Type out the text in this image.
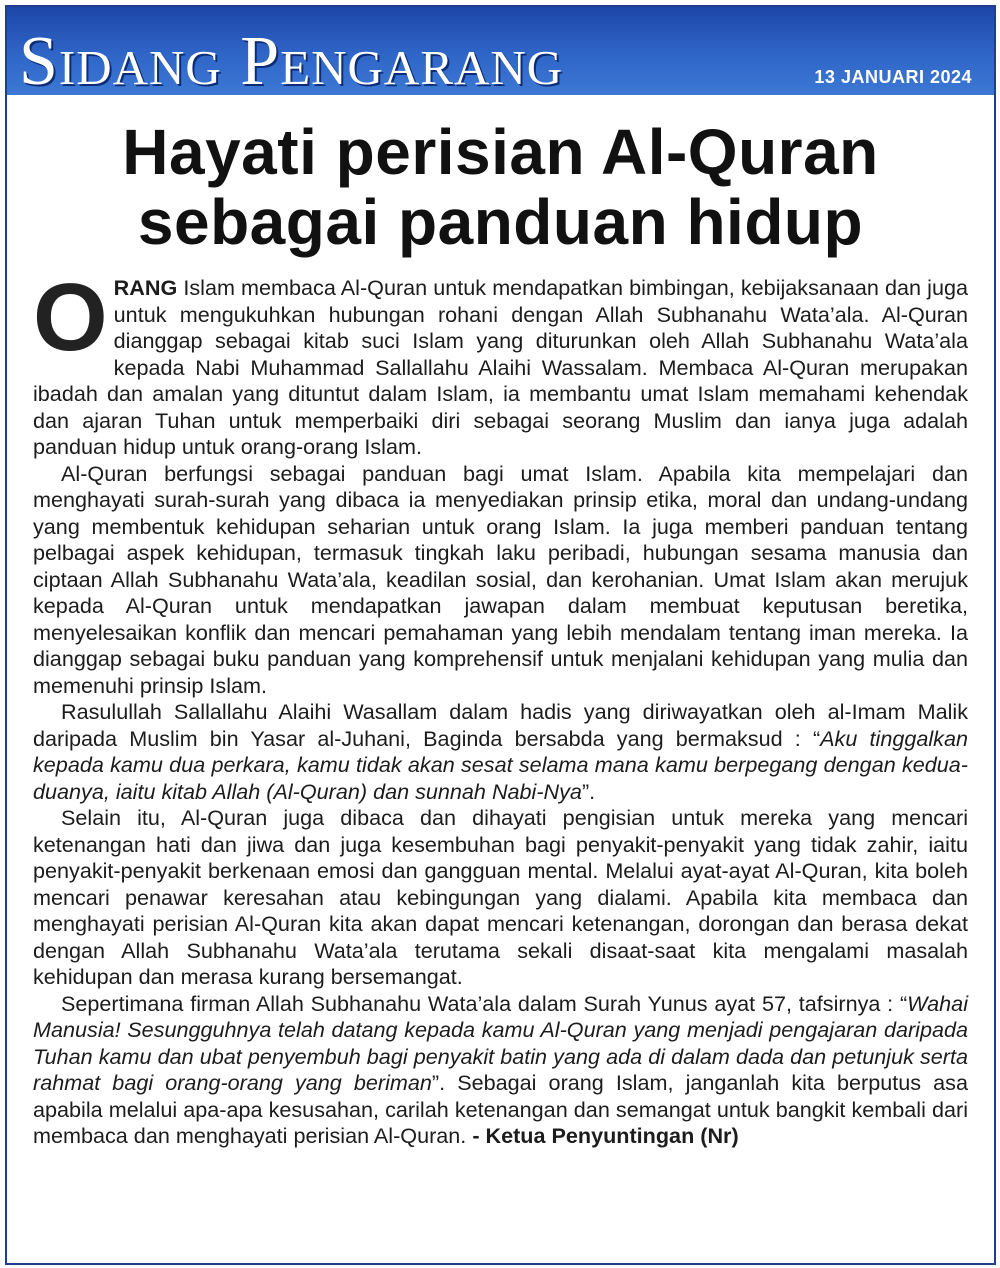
Sidang Pengarang	13 JANUARI 2024
Hayati perisian Al-Quran
sebagai panduan hidup

ORANG Islam membaca Al-Quran untuk mendapatkan bimbingan, kebijaksanaan dan juga untuk mengukuhkan hubungan rohani dengan Allah Subhanahu Wata’ala. Al-Quran dianggap sebagai kitab suci Islam yang diturunkan oleh Allah Subhanahu Wata’ala kepada Nabi Muhammad Sallallahu Alaihi Wassalam. Membaca Al-Quran merupakan ibadah dan amalan yang dituntut dalam Islam, ia membantu umat Islam memahami kehendak dan ajaran Tuhan untuk memperbaiki diri sebagai seorang Muslim dan ianya juga adalah panduan hidup untuk orang-orang Islam.

Al-Quran berfungsi sebagai panduan bagi umat Islam. Apabila kita mempelajari dan menghayati surah-surah yang dibaca ia menyediakan prinsip etika, moral dan undang-undang yang membentuk kehidupan seharian untuk orang Islam. Ia juga memberi panduan tentang pelbagai aspek kehidupan, termasuk tingkah laku peribadi, hubungan sesama manusia dan ciptaan Allah Subhanahu Wata’ala, keadilan sosial, dan kerohanian. Umat Islam akan merujuk kepada Al-Quran untuk mendapatkan jawapan dalam membuat keputusan beretika, menyelesaikan konflik dan mencari pemahaman yang lebih mendalam tentang iman mereka. Ia dianggap sebagai buku panduan yang komprehensif untuk menjalani kehidupan yang mulia dan memenuhi prinsip Islam.

Rasulullah Sallallahu Alaihi Wasallam dalam hadis yang diriwayatkan oleh al-Imam Malik daripada Muslim bin Yasar al-Juhani, Baginda bersabda yang bermaksud : “Aku tinggalkan kepada kamu dua perkara, kamu tidak akan sesat selama mana kamu berpegang dengan kedua-duanya, iaitu kitab Allah (Al-Quran) dan sunnah Nabi-Nya”.

Selain itu, Al-Quran juga dibaca dan dihayati pengisian untuk mereka yang mencari ketenangan hati dan jiwa dan juga kesembuhan bagi penyakit-penyakit yang tidak zahir, iaitu penyakit-penyakit berkenaan emosi dan gangguan mental. Melalui ayat-ayat Al-Quran, kita boleh mencari penawar keresahan atau kebingungan yang dialami. Apabila kita membaca dan menghayati perisian Al-Quran kita akan dapat mencari ketenangan, dorongan dan berasa dekat dengan Allah Subhanahu Wata’ala terutama sekali disaat-saat kita mengalami masalah kehidupan dan merasa kurang bersemangat.

Sepertimana firman Allah Subhanahu Wata’ala dalam Surah Yunus ayat 57, tafsirnya : “Wahai Manusia! Sesungguhnya telah datang kepada kamu Al-Quran yang menjadi pengajaran daripada Tuhan kamu dan ubat penyembuh bagi penyakit batin yang ada di dalam dada dan petunjuk serta rahmat bagi orang-orang yang beriman”. Sebagai orang Islam, janganlah kita berputus asa apabila melalui apa-apa kesusahan, carilah ketenangan dan semangat untuk bangkit kembali dari membaca dan menghayati perisian Al-Quran. - Ketua Penyuntingan (Nr)
